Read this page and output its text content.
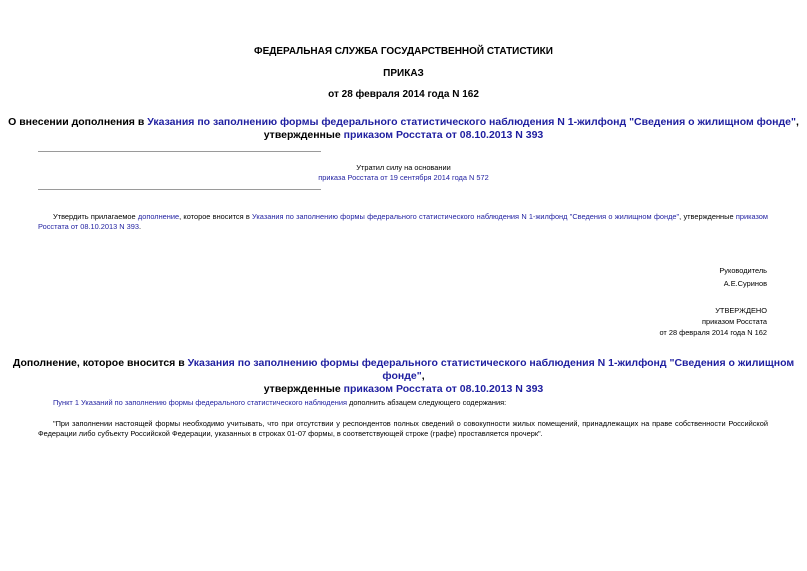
ФЕДЕРАЛЬНАЯ СЛУЖБА ГОСУДАРСТВЕННОЙ СТАТИСТИКИ
ПРИКАЗ
от 28 февраля 2014 года N 162
О внесении дополнения в Указания по заполнению формы федерального статистического наблюдения N 1-жилфонд "Сведения о жилищном фонде",
утвержденные приказом Росстата от 08.10.2013 N 393
Утратил силу на основании
приказа Росстата от 19 сентября 2014 года N 572
Утвердить прилагаемое дополнение, которое вносится в Указания по заполнению формы федерального статистического наблюдения N 1-жилфонд "Сведения о жилищном фонде", утвержденные приказом Росстата от 08.10.2013 N 393.
Руководитель
А.Е.Суринов
УТВЕРЖДЕНО
приказом Росстата
от 28 февраля 2014 года N 162
Дополнение, которое вносится в Указания по заполнению формы федерального статистического наблюдения N 1-жилфонд "Сведения о жилищном фонде",
утвержденные приказом Росстата от 08.10.2013 N 393
Пункт 1 Указаний по заполнению формы федерального статистического наблюдения дополнить абзацем следующего содержания:
"При заполнении настоящей формы необходимо учитывать, что при отсутствии у респондентов полных сведений о совокупности жилых помещений, принадлежащих на праве собственности Российской Федерации либо субъекту Российской Федерации, указанных в строках 01-07 формы, в соответствующей строке (графе) проставляется прочерк".
